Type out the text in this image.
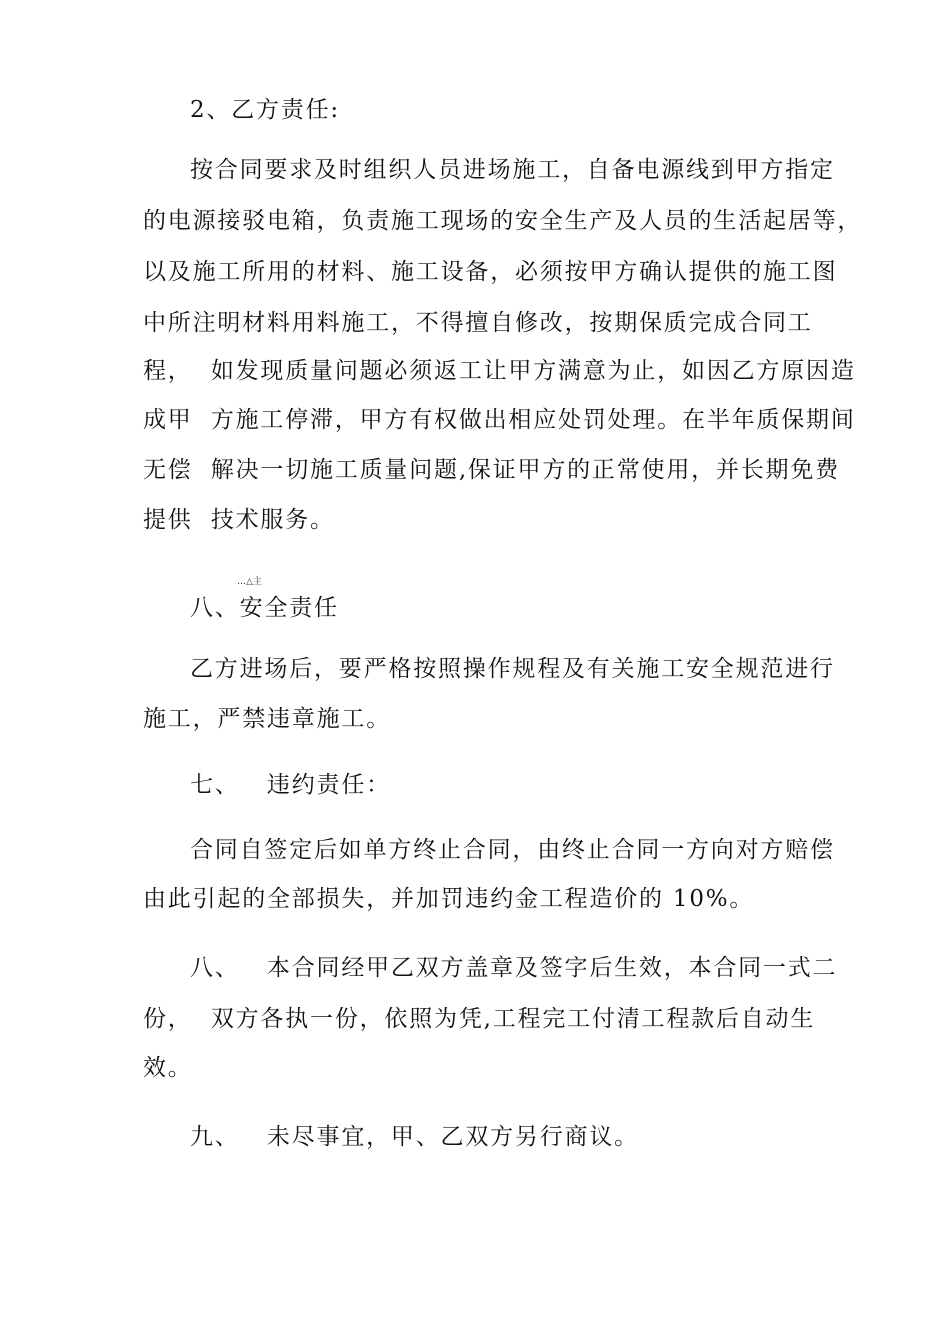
2、乙方责任:
按合同要求及时组织人员进场施工，自备电源线到甲方指定
的电源接驳电箱，负责施工现场的安全生产及人员的生活起居等，
以及施工所用的材料、施工设备，必须按甲方确认提供的施工图
中所注明材料用料施工，不得擅自修改，按期保质完成合同工
程，  如发现质量问题必须返工让甲方满意为止，如因乙方原因造
成甲  方施工停滞，甲方有权做出相应处罚处理。在半年质保期间
无偿  解决一切施工质量问题,保证甲方的正常使用，并长期免费
提供  技术服务。
…△主
八、安全责任
乙方进场后，要严格按照操作规程及有关施工安全规范进行
施工，严禁违章施工。
七、   违约责任：
合同自签定后如单方终止合同，由终止合同一方向对方赔偿
由此引起的全部损失，并加罚违约金工程造价的 10%。
八、   本合同经甲乙双方盖章及签字后生效，本合同一式二
份，  双方各执一份，依照为凭,工程完工付清工程款后自动生
效。
九、   未尽事宜，甲、乙双方另行商议。
